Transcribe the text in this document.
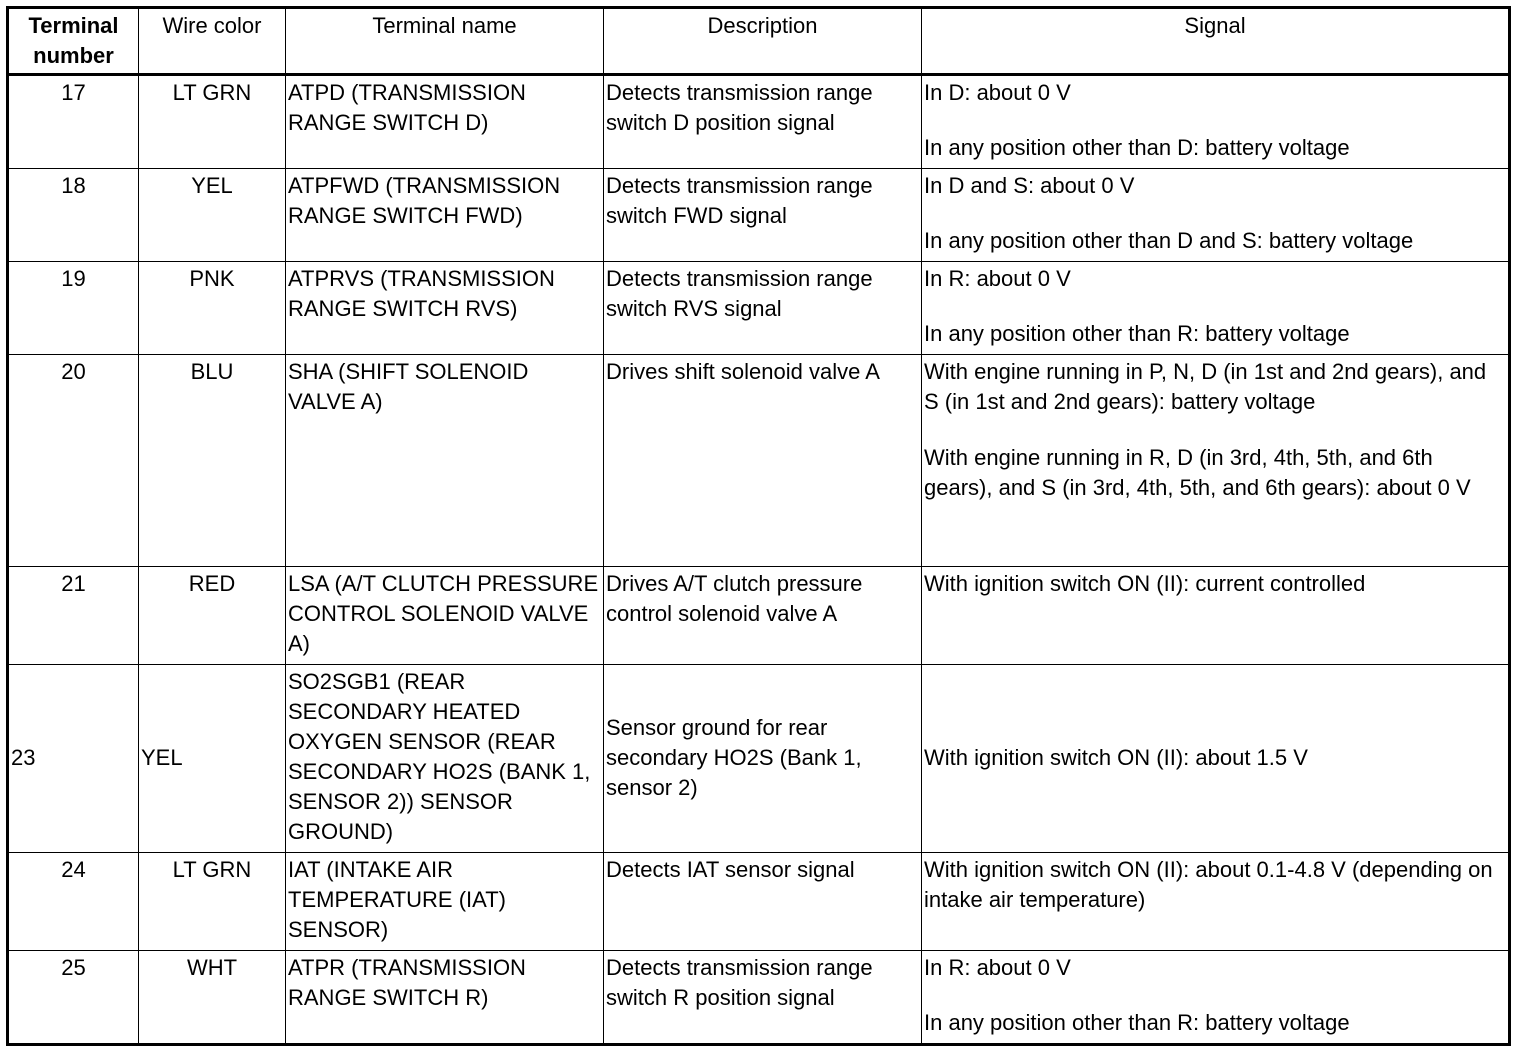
Terminal number	Wire color	Terminal name	Description	Signal
17	LT GRN	ATPD (TRANSMISSION RANGE SWITCH D)	Detects transmission range switch D position signal	In D: about 0 V
In any position other than D: battery voltage

18	YEL	ATPFWD (TRANSMISSION RANGE SWITCH FWD)	Detects transmission range switch FWD signal	In D and S: about 0 V
In any position other than D and S: battery voltage

19	PNK	ATPRVS (TRANSMISSION RANGE SWITCH RVS)	Detects transmission range switch RVS signal	In R: about 0 V
In any position other than R: battery voltage

20	BLU	SHA (SHIFT SOLENOID VALVE A)	Drives shift solenoid valve A	With engine running in P, N, D (in 1st and 2nd gears), and S (in 1st and 2nd gears): battery voltage
With engine running in R, D (in 3rd, 4th, 5th, and 6th gears), and S (in 3rd, 4th, 5th, and 6th gears): about 0 V

21	RED	LSA (A/T CLUTCH PRESSURE CONTROL SOLENOID VALVE A)	Drives A/T clutch pressure control solenoid valve A	With ignition switch ON (II): current controlled

23	YEL	SO2SGB1 (REAR SECONDARY HEATED OXYGEN SENSOR (REAR SECONDARY HO2S (BANK 1, SENSOR 2)) SENSOR GROUND)	Sensor ground for rear secondary HO2S (Bank 1, sensor 2)	With ignition switch ON (II): about 1.5 V

24	LT GRN	IAT (INTAKE AIR TEMPERATURE (IAT) SENSOR)	Detects IAT sensor signal	With ignition switch ON (II): about 0.1-4.8 V (depending on intake air temperature)

25	WHT	ATPR (TRANSMISSION RANGE SWITCH R)	Detects transmission range switch R position signal	In R: about 0 V
In any position other than R: battery voltage
